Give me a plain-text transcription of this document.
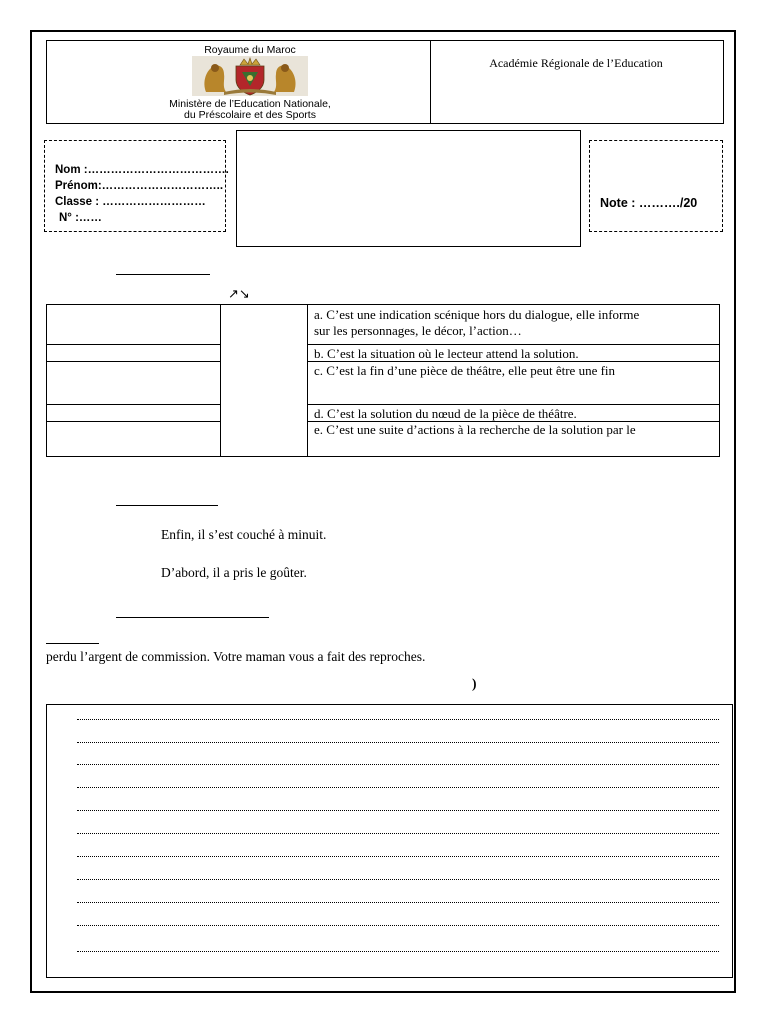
Royaume du Maroc
Ministère de l’Education Nationale,
du Préscolaire et des Sports
Académie Régionale de l’Education
Nom :……………………………….
Prénom:…………………………..
Classe : ………………………
N° :……
Note : ………./20
↗↘
a. C’est une indication scénique hors du dialogue, elle informe
sur les personnages, le décor, l’action…
b. C’est la situation où le lecteur attend la solution.
c. C’est la fin d’une pièce de théâtre, elle peut être une fin
d. C’est la solution du nœud de la pièce de théâtre.
e. C’est une suite d’actions à la recherche de la solution par le
Enfin, il s’est couché à minuit.
D’abord, il a pris le goûter.
perdu l’argent de commission. Votre maman vous a fait des reproches.
)
